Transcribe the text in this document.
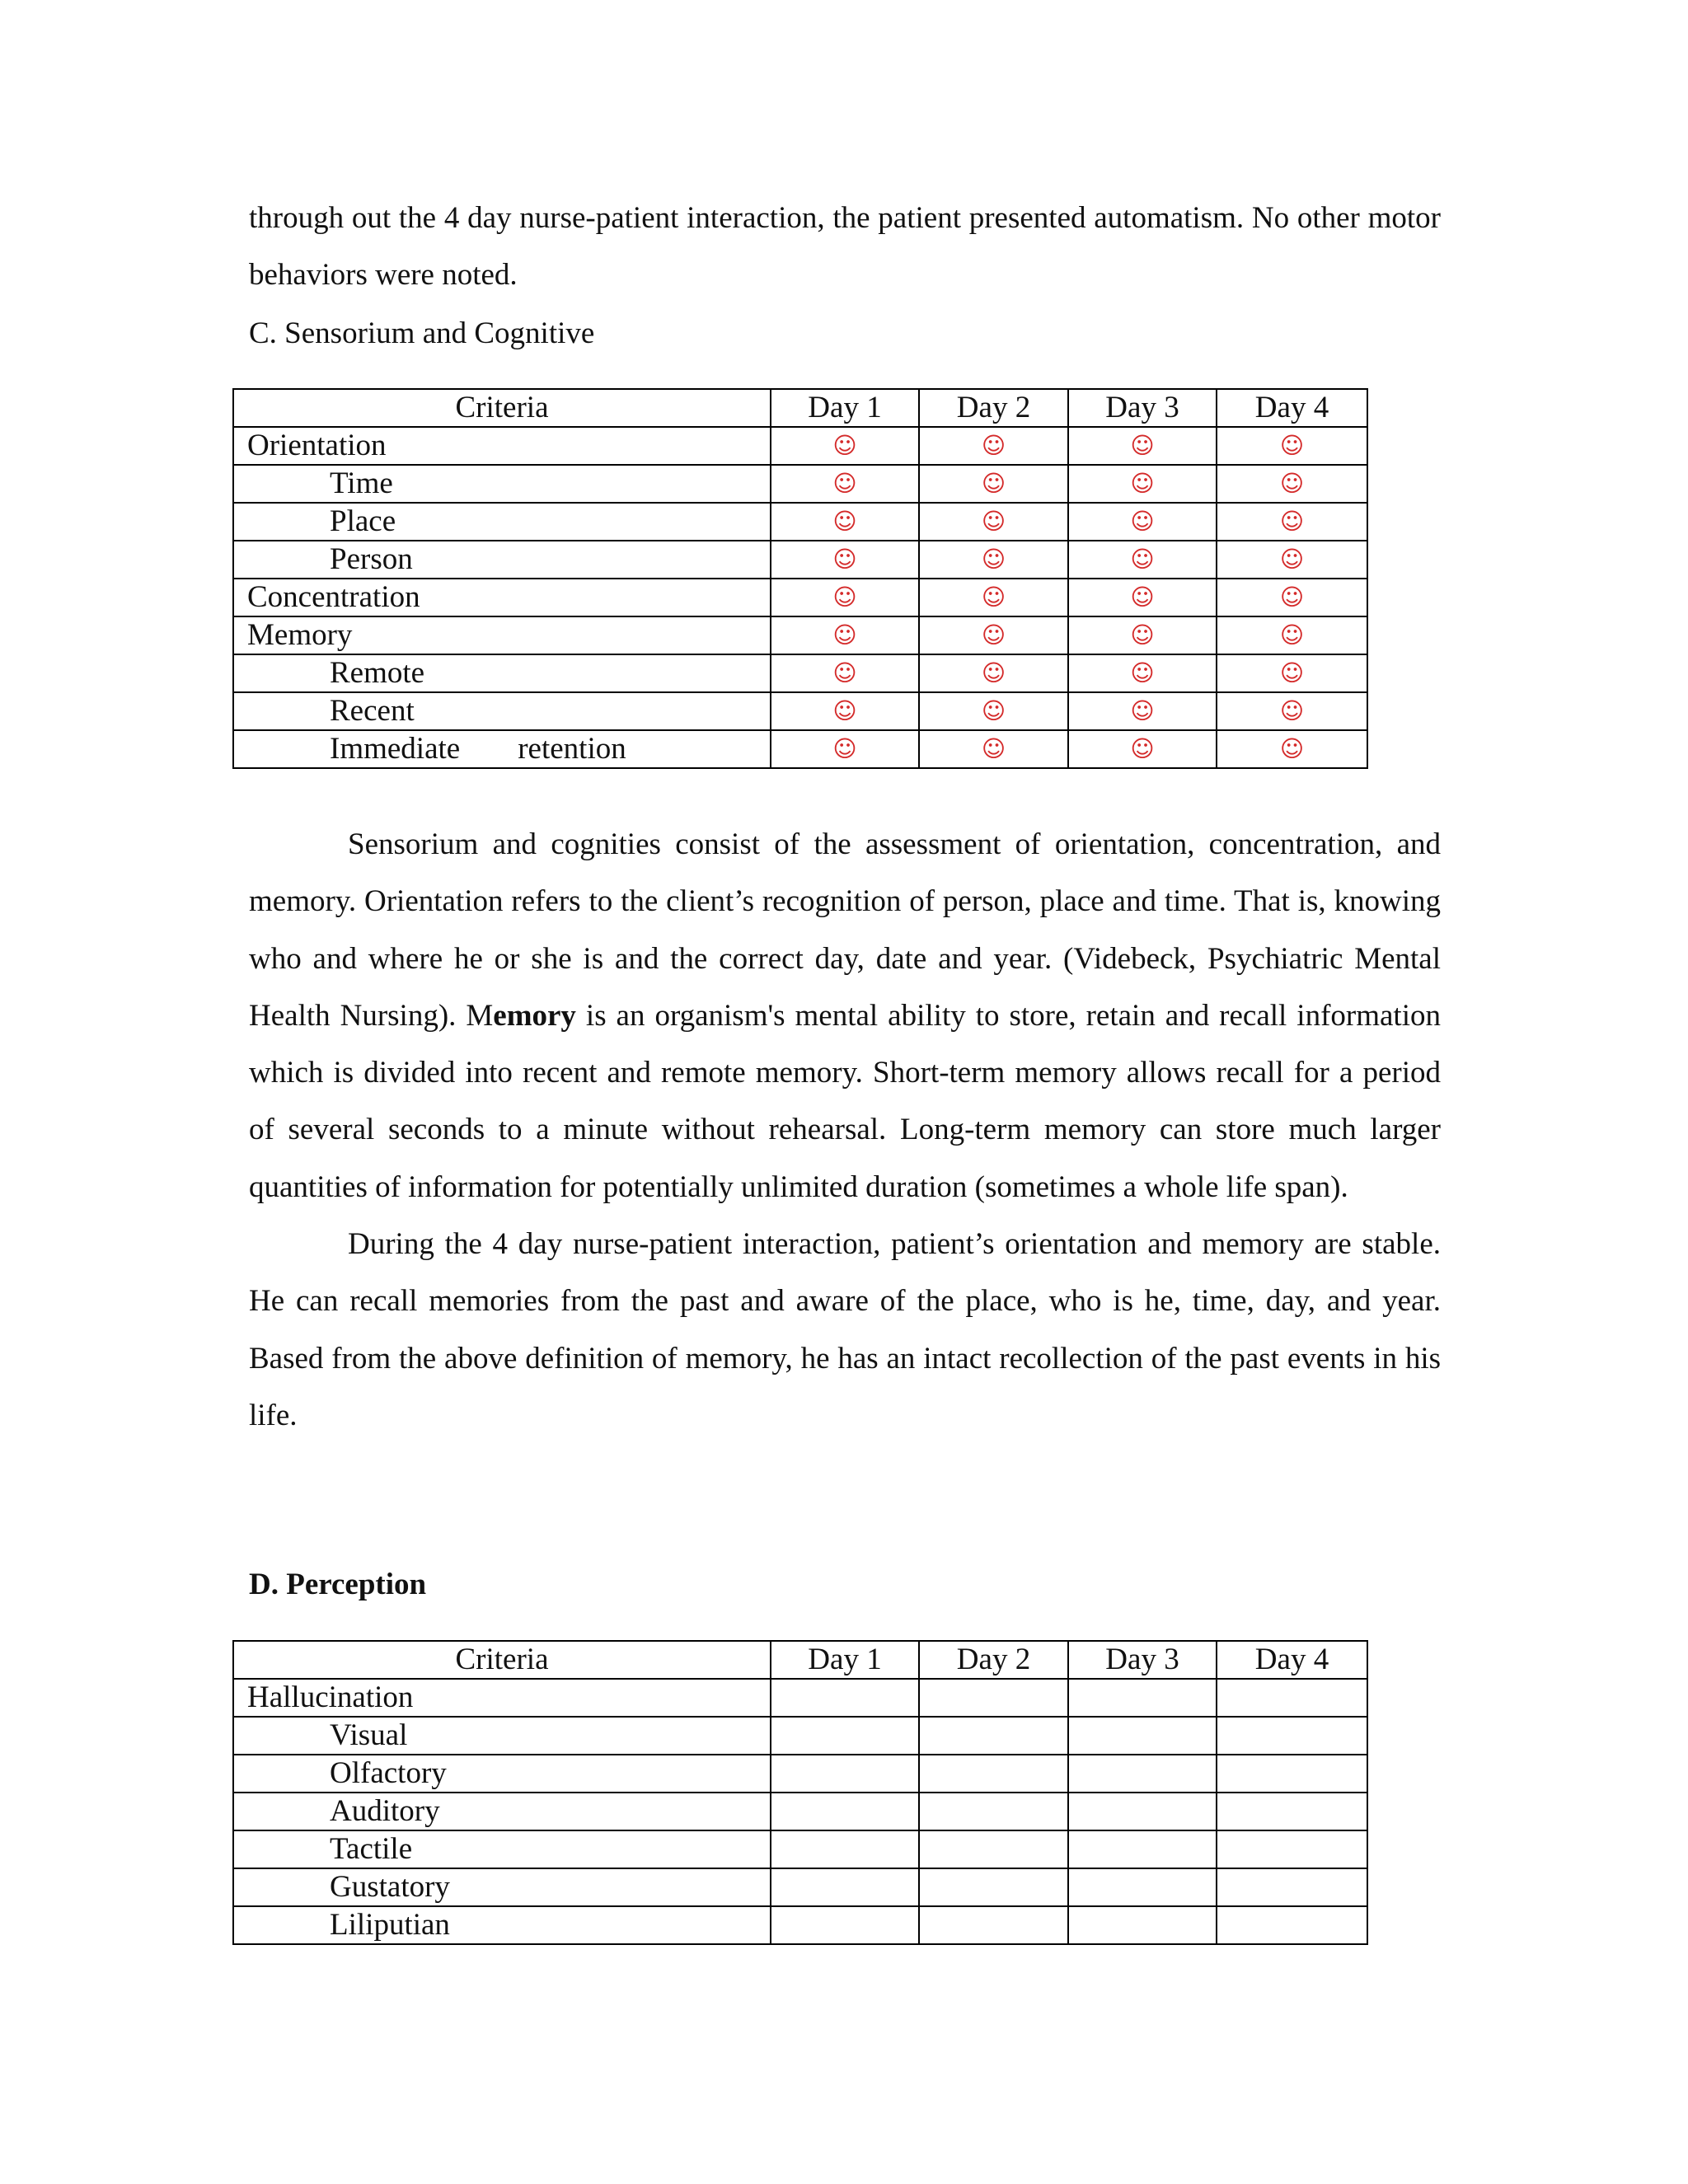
through out the 4 day nurse-patient interaction, the patient presented automatism. No other motor behaviors were noted.

C. Sensorium and Cognitive
Criteria	Day 1	Day 2	Day 3	Day 4
Orientation	☺	☺	☺	☺
Time	☺	☺	☺	☺
Place	☺	☺	☺	☺
Person	☺	☺	☺	☺
Concentration	☺	☺	☺	☺
Memory	☺	☺	☺	☺
Remote	☺	☺	☺	☺
Recent	☺	☺	☺	☺
Immediate retention	☺	☺	☺	☺

Sensorium and cognities consist of the assessment of orientation, concentration, and memory. Orientation refers to the client’s recognition of person, place and time. That is, knowing who and where he or she is and the correct day, date and year. (Videbeck, Psychiatric Mental Health Nursing). Memory is an organism's mental ability to store, retain and recall information which is divided into recent and remote memory. Short-term memory allows recall for a period of several seconds to a minute without rehearsal. Long-term memory can store much larger quantities of information for potentially unlimited duration (sometimes a whole life span).

During the 4 day nurse-patient interaction, patient’s orientation and memory are stable. He can recall memories from the past and aware of the place, who is he, time, day, and year. Based from the above definition of memory, he has an intact recollection of the past events in his life.

D. Perception
Criteria	Day 1	Day 2	Day 3	Day 4
Hallucination				
Visual				
Olfactory				
Auditory				
Tactile				
Gustatory				
Liliputian				
